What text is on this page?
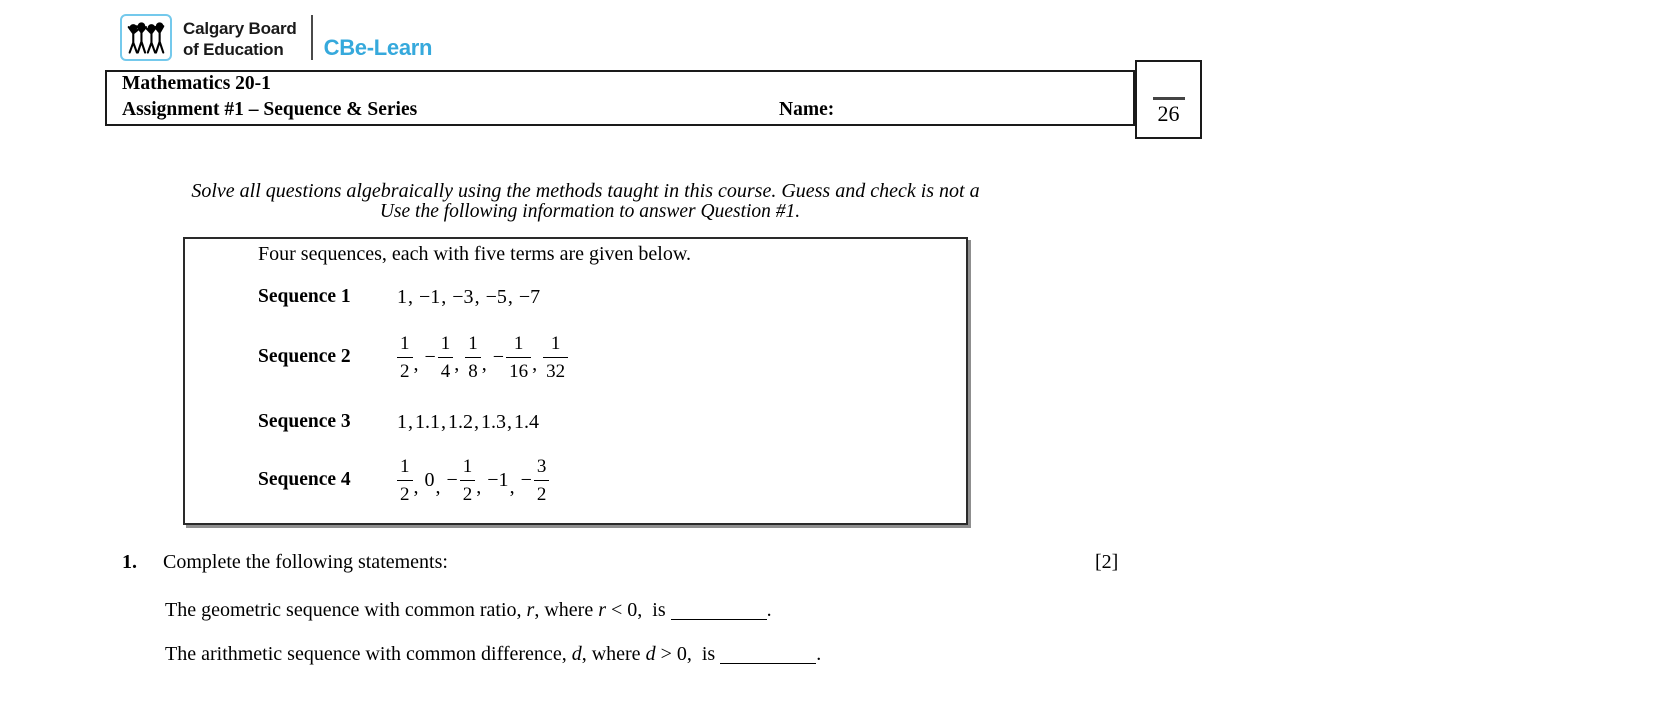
Calgary Board
of Education	CBe-Learn
Mathematics 20-1
Assignment #1 – Sequence & Series	Name:	26

Solve all questions algebraically using the methods taught in this course. Guess and check is not a

Use the following information to answer Question #1.
Four sequences, each with five terms are given below.
Sequence 1	1 , −1 , −3 , −5 , −7
Sequence 2	$\frac{1}{2}$ , − $\frac{1}{4}$ , $\frac{1}{8}$ , − $\frac{1}{16}$ , $\frac{1}{32}$
Sequence 3	1 , 1.1 , 1.2 , 1.3 , 1.4
Sequence 4	$\frac{1}{2}$ , 0 , − $\frac{1}{2}$ , −1 , − $\frac{3}{2}$
1. Complete the following statements:	[2]
The geometric sequence with common ratio, r, where r < 0,  is	.
The arithmetic sequence with common difference, d, where d > 0,  is	.
